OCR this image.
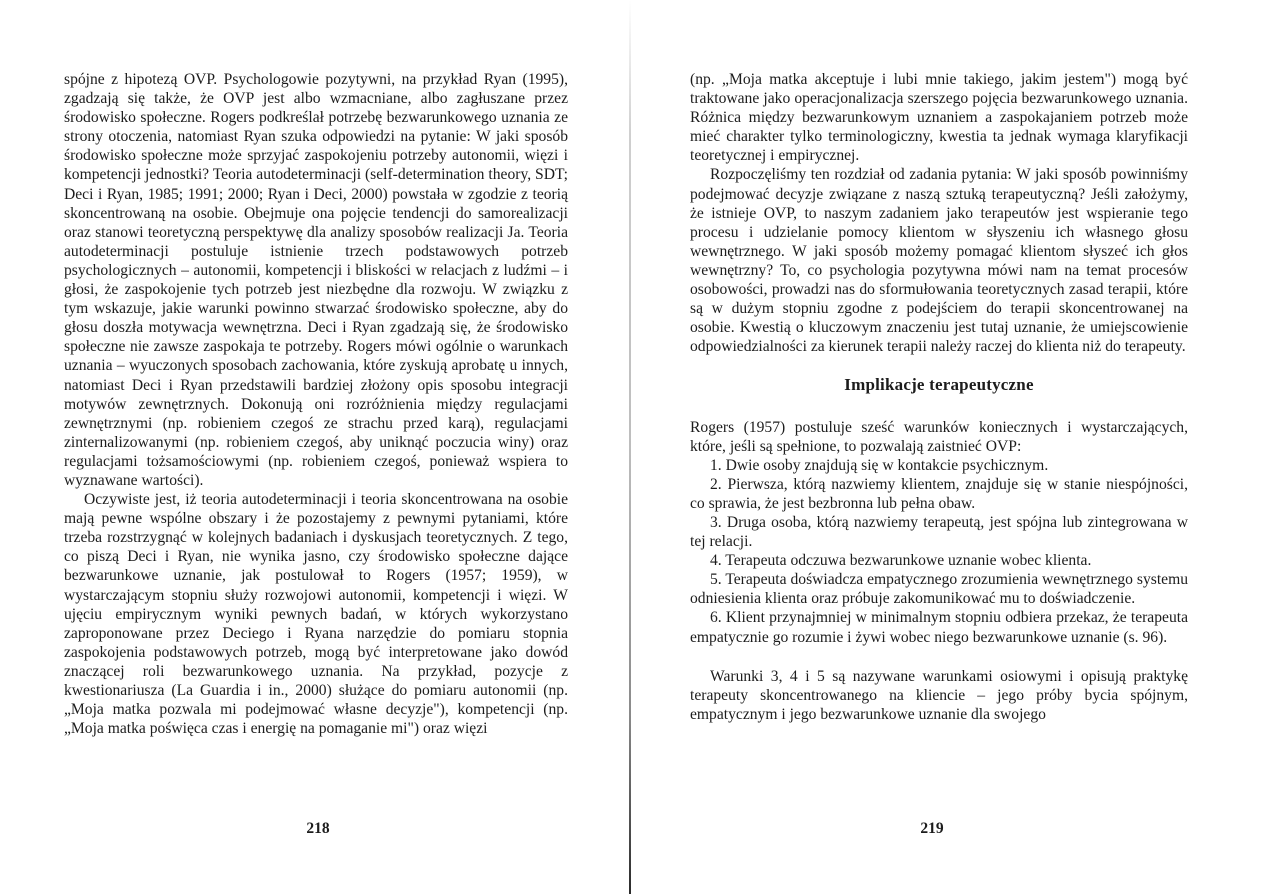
spójne z hipotezą OVP. Psychologowie pozytywni, na przykład Ryan (1995), zgadzają się także, że OVP jest albo wzmacniane, albo zagłuszane przez środowisko społeczne. Rogers podkreślał potrzebę bezwarunkowego uznania ze strony otoczenia, natomiast Ryan szuka odpowiedzi na pytanie: W jaki sposób środowisko społeczne może sprzyjać zaspokojeniu potrzeby autonomii, więzi i kompetencji jednostki? Teoria autodeterminacji (self-determination theory, SDT; Deci i Ryan, 1985; 1991; 2000; Ryan i Deci, 2000) powstała w zgodzie z teorią skoncentrowaną na osobie. Obejmuje ona pojęcie tendencji do samorealizacji oraz stanowi teoretyczną perspektywę dla analizy sposobów realizacji Ja. Teoria autodeterminacji postuluje istnienie trzech podstawowych potrzeb psychologicznych – autonomii, kompetencji i bliskości w relacjach z ludźmi – i głosi, że zaspokojenie tych potrzeb jest niezbędne dla rozwoju. W związku z tym wskazuje, jakie warunki powinno stwarzać środowisko społeczne, aby do głosu doszła motywacja wewnętrzna. Deci i Ryan zgadzają się, że środowisko społeczne nie zawsze zaspokaja te potrzeby. Rogers mówi ogólnie o warunkach uznania – wyuczonych sposobach zachowania, które zyskują aprobatę u innych, natomiast Deci i Ryan przedstawili bardziej złożony opis sposobu integracji motywów zewnętrznych. Dokonują oni rozróżnienia między regulacjami zewnętrznymi (np. robieniem czegoś ze strachu przed karą), regulacjami zinternalizowanymi (np. robieniem czegoś, aby uniknąć poczucia winy) oraz regulacjami tożsamościowymi (np. robieniem czegoś, ponieważ wspiera to wyznawane wartości).

Oczywiste jest, iż teoria autodeterminacji i teoria skoncentrowana na osobie mają pewne wspólne obszary i że pozostajemy z pewnymi pytaniami, które trzeba rozstrzygnąć w kolejnych badaniach i dyskusjach teoretycznych. Z tego, co piszą Deci i Ryan, nie wynika jasno, czy środowisko społeczne dające bezwarunkowe uznanie, jak postulował to Rogers (1957; 1959), w wystarczającym stopniu służy rozwojowi autonomii, kompetencji i więzi. W ujęciu empirycznym wyniki pewnych badań, w których wykorzystano zaproponowane przez Deciego i Ryana narzędzie do pomiaru stopnia zaspokojenia podstawowych potrzeb, mogą być interpretowane jako dowód znaczącej roli bezwarunkowego uznania. Na przykład, pozycje z kwestionariusza (La Guardia i in., 2000) służące do pomiaru autonomii (np. „Moja matka pozwala mi podejmować własne decyzje"), kompetencji (np. „Moja matka poświęca czas i energię na pomaganie mi") oraz więzi

218

(np. „Moja matka akceptuje i lubi mnie takiego, jakim jestem") mogą być traktowane jako operacjonalizacja szerszego pojęcia bezwarunkowego uznania. Różnica między bezwarunkowym uznaniem a zaspokajaniem potrzeb może mieć charakter tylko terminologiczny, kwestia ta jednak wymaga klaryfikacji teoretycznej i empirycznej.

Rozpoczęliśmy ten rozdział od zadania pytania: W jaki sposób powinniśmy podejmować decyzje związane z naszą sztuką terapeutyczną? Jeśli założymy, że istnieje OVP, to naszym zadaniem jako terapeutów jest wspieranie tego procesu i udzielanie pomocy klientom w słyszeniu ich własnego głosu wewnętrznego. W jaki sposób możemy pomagać klientom słyszeć ich głos wewnętrzny? To, co psychologia pozytywna mówi nam na temat procesów osobowości, prowadzi nas do sformułowania teoretycznych zasad terapii, które są w dużym stopniu zgodne z podejściem do terapii skoncentrowanej na osobie. Kwestią o kluczowym znaczeniu jest tutaj uznanie, że umiejscowienie odpowiedzialności za kierunek terapii należy raczej do klienta niż do terapeuty.

Implikacje terapeutyczne

Rogers (1957) postuluje sześć warunków koniecznych i wystarczających, które, jeśli są spełnione, to pozwalają zaistnieć OVP:

1. Dwie osoby znajdują się w kontakcie psychicznym.

2. Pierwsza, którą nazwiemy klientem, znajduje się w stanie niespójności, co sprawia, że jest bezbronna lub pełna obaw.

3. Druga osoba, którą nazwiemy terapeutą, jest spójna lub zintegrowana w tej relacji.

4. Terapeuta odczuwa bezwarunkowe uznanie wobec klienta.

5. Terapeuta doświadcza empatycznego zrozumienia wewnętrznego systemu odniesienia klienta oraz próbuje zakomunikować mu to doświadczenie.

6. Klient przynajmniej w minimalnym stopniu odbiera przekaz, że terapeuta empatycznie go rozumie i żywi wobec niego bezwarunkowe uznanie (s. 96).

Warunki 3, 4 i 5 są nazywane warunkami osiowymi i opisują praktykę terapeuty skoncentrowanego na kliencie – jego próby bycia spójnym, empatycznym i jego bezwarunkowe uznanie dla swojego

219
